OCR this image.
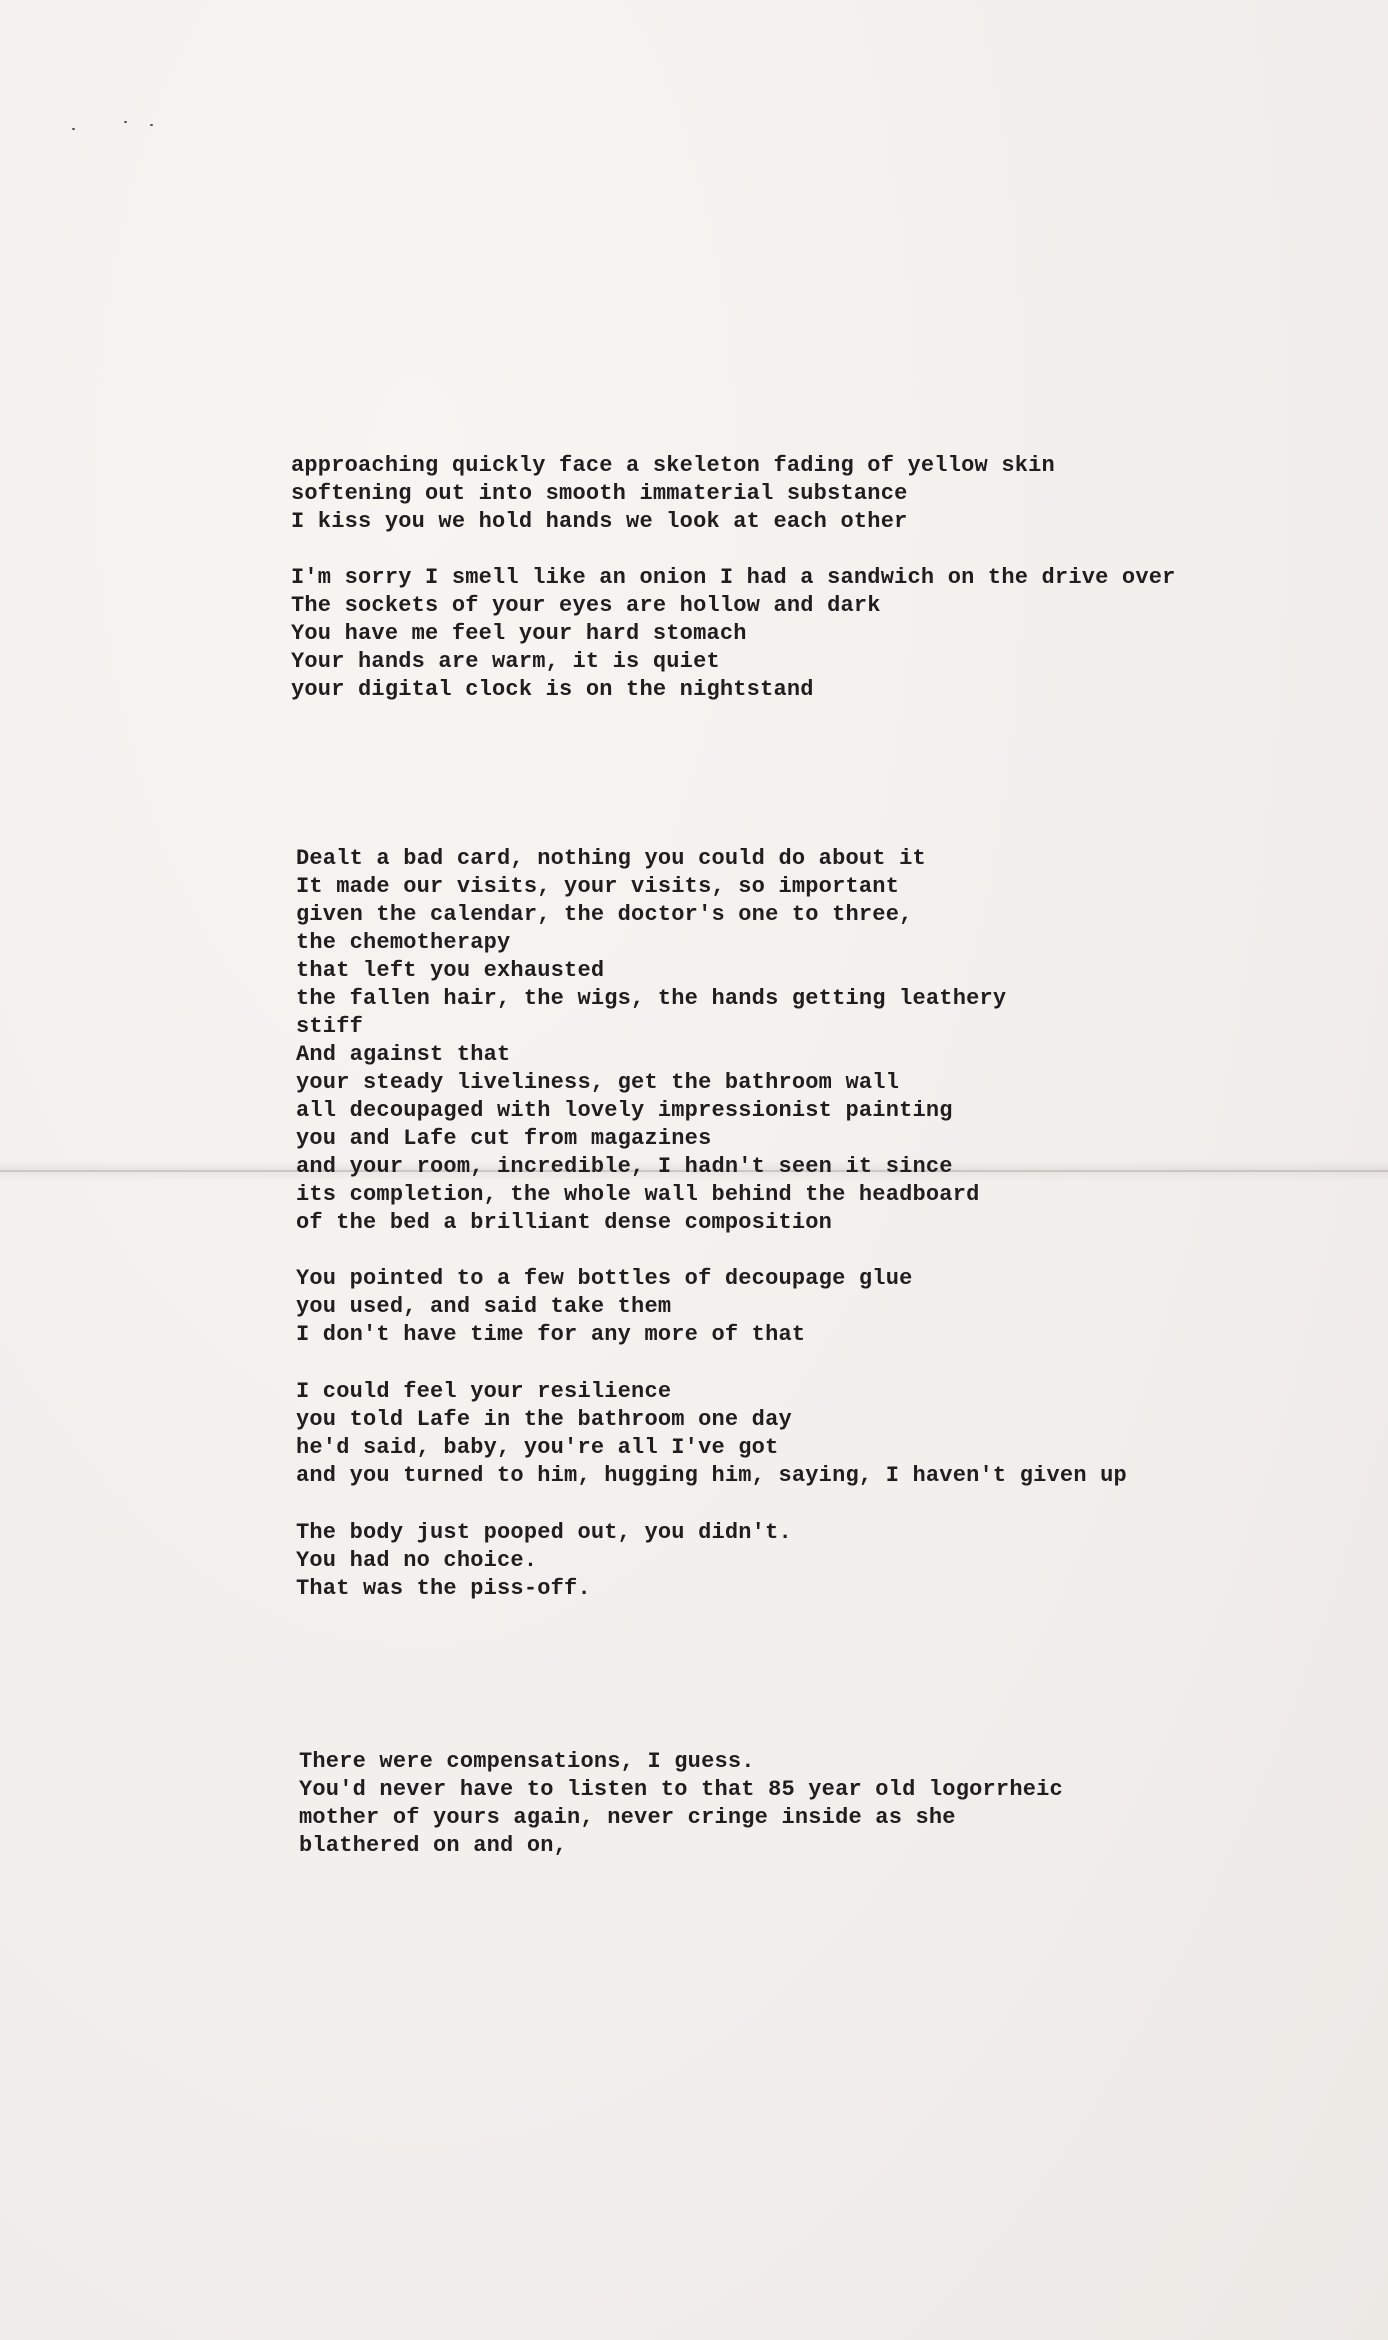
approaching quickly face a skeleton fading of yellow skin
softening out into smooth immaterial substance
I kiss you we hold hands we look at each other
I'm sorry I smell like an onion I had a sandwich on the drive over
The sockets of your eyes are hollow and dark
You have me feel your hard stomach
Your hands are warm, it is quiet
your digital clock is on the nightstand
Dealt a bad card, nothing you could do about it
It made our visits, your visits, so important
given the calendar, the doctor's one to three,
the chemotherapy
that left you exhausted
the fallen hair, the wigs, the hands getting leathery
stiff
And against that
your steady liveliness, get the bathroom wall
all decoupaged with lovely impressionist painting
you and Lafe cut from magazines
and your room, incredible, I hadn't seen it since
its completion, the whole wall behind the headboard
of the bed a brilliant dense composition
You pointed to a few bottles of decoupage glue
you used, and said take them
I don't have time for any more of that
I could feel your resilience
you told Lafe in the bathroom one day
he'd said, baby, you're all I've got
and you turned to him, hugging him, saying, I haven't given up
The body just pooped out, you didn't.
You had no choice.
That was the piss-off.
There were compensations, I guess.
You'd never have to listen to that 85 year old logorrheic
mother of yours again, never cringe inside as she
blathered on and on,
